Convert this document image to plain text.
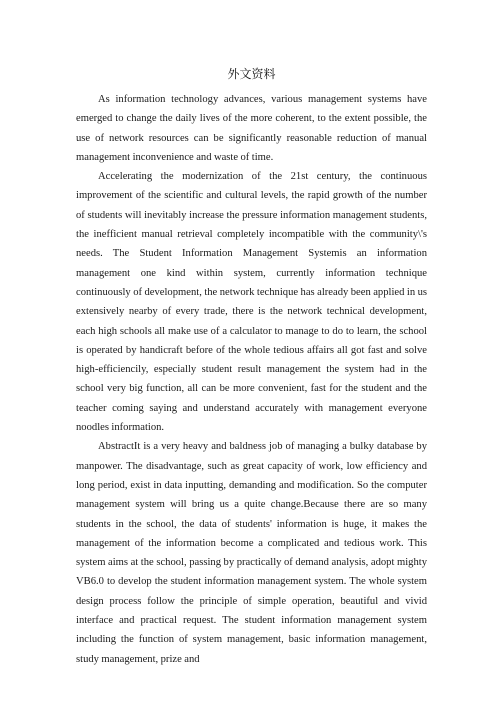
外文资料

As information technology advances, various management systems have emerged to change the daily lives of the more coherent, to the extent possible, the use of network resources can be significantly reasonable reduction of manual management inconvenience and waste of time.

Accelerating the modernization of the 21st century, the continuous improvement of the scientific and cultural levels, the rapid growth of the number of students will inevitably increase the pressure information management students, the inefficient manual retrieval completely incompatible with the community\'s needs. The Student Information Management Systemis an information management one kind within system, currently information technique continuously of development, the network technique has already been applied in us extensively nearby of every trade, there is the network technical development, each high schools all make use of a calculator to manage to do to learn, the school is operated by handicraft before of the whole tedious affairs all got fast and solve high-efficiencily, especially student result management the system had in the school very big function, all can be more convenient, fast for the student and the teacher coming saying and understand accurately with management everyone noodles information.

AbstractIt is a very heavy and baldness job of managing a bulky database by manpower. The disadvantage, such as great capacity of work, low efficiency and long period, exist in data inputting, demanding and modification. So the computer management system will bring us a quite change.Because there are so many students in the school, the data of students' information is huge, it makes the management of the information become a complicated and tedious work. This system aims at the school, passing by practically of demand analysis, adopt mighty VB6.0 to develop the student information management system. The whole system design process follow the principle of simple operation, beautiful and vivid interface and practical request. The student information management system including the function of system management, basic information management, study management, prize and
